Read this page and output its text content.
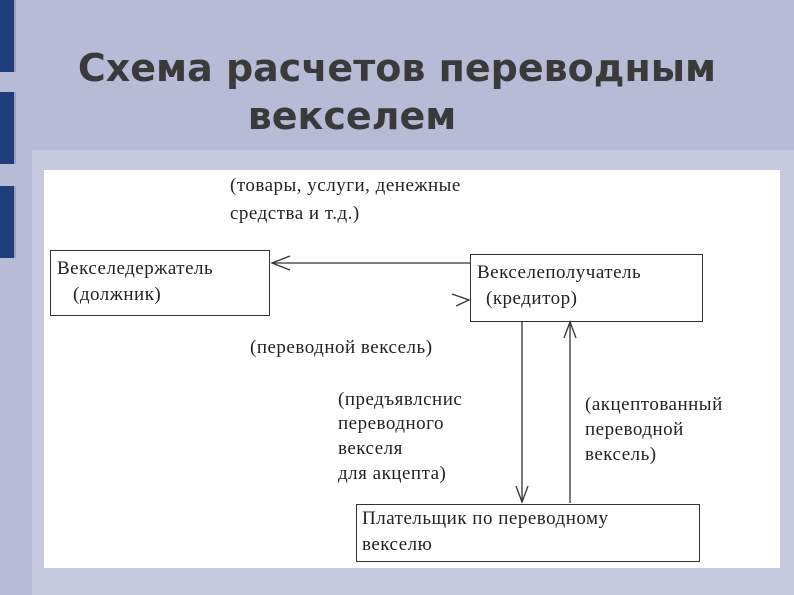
Схема расчетов переводным
векселем
(товары, услуги, денежные
средства и т.д.)
Векселедержатель
(должник)
Векселеполучатель
(кредитор)
(переводной вексель)
(предъявлснис
переводного
векселя
для акцепта)
(акцептованный
переводной
вексель)
Плательщик по переводному
векселю
